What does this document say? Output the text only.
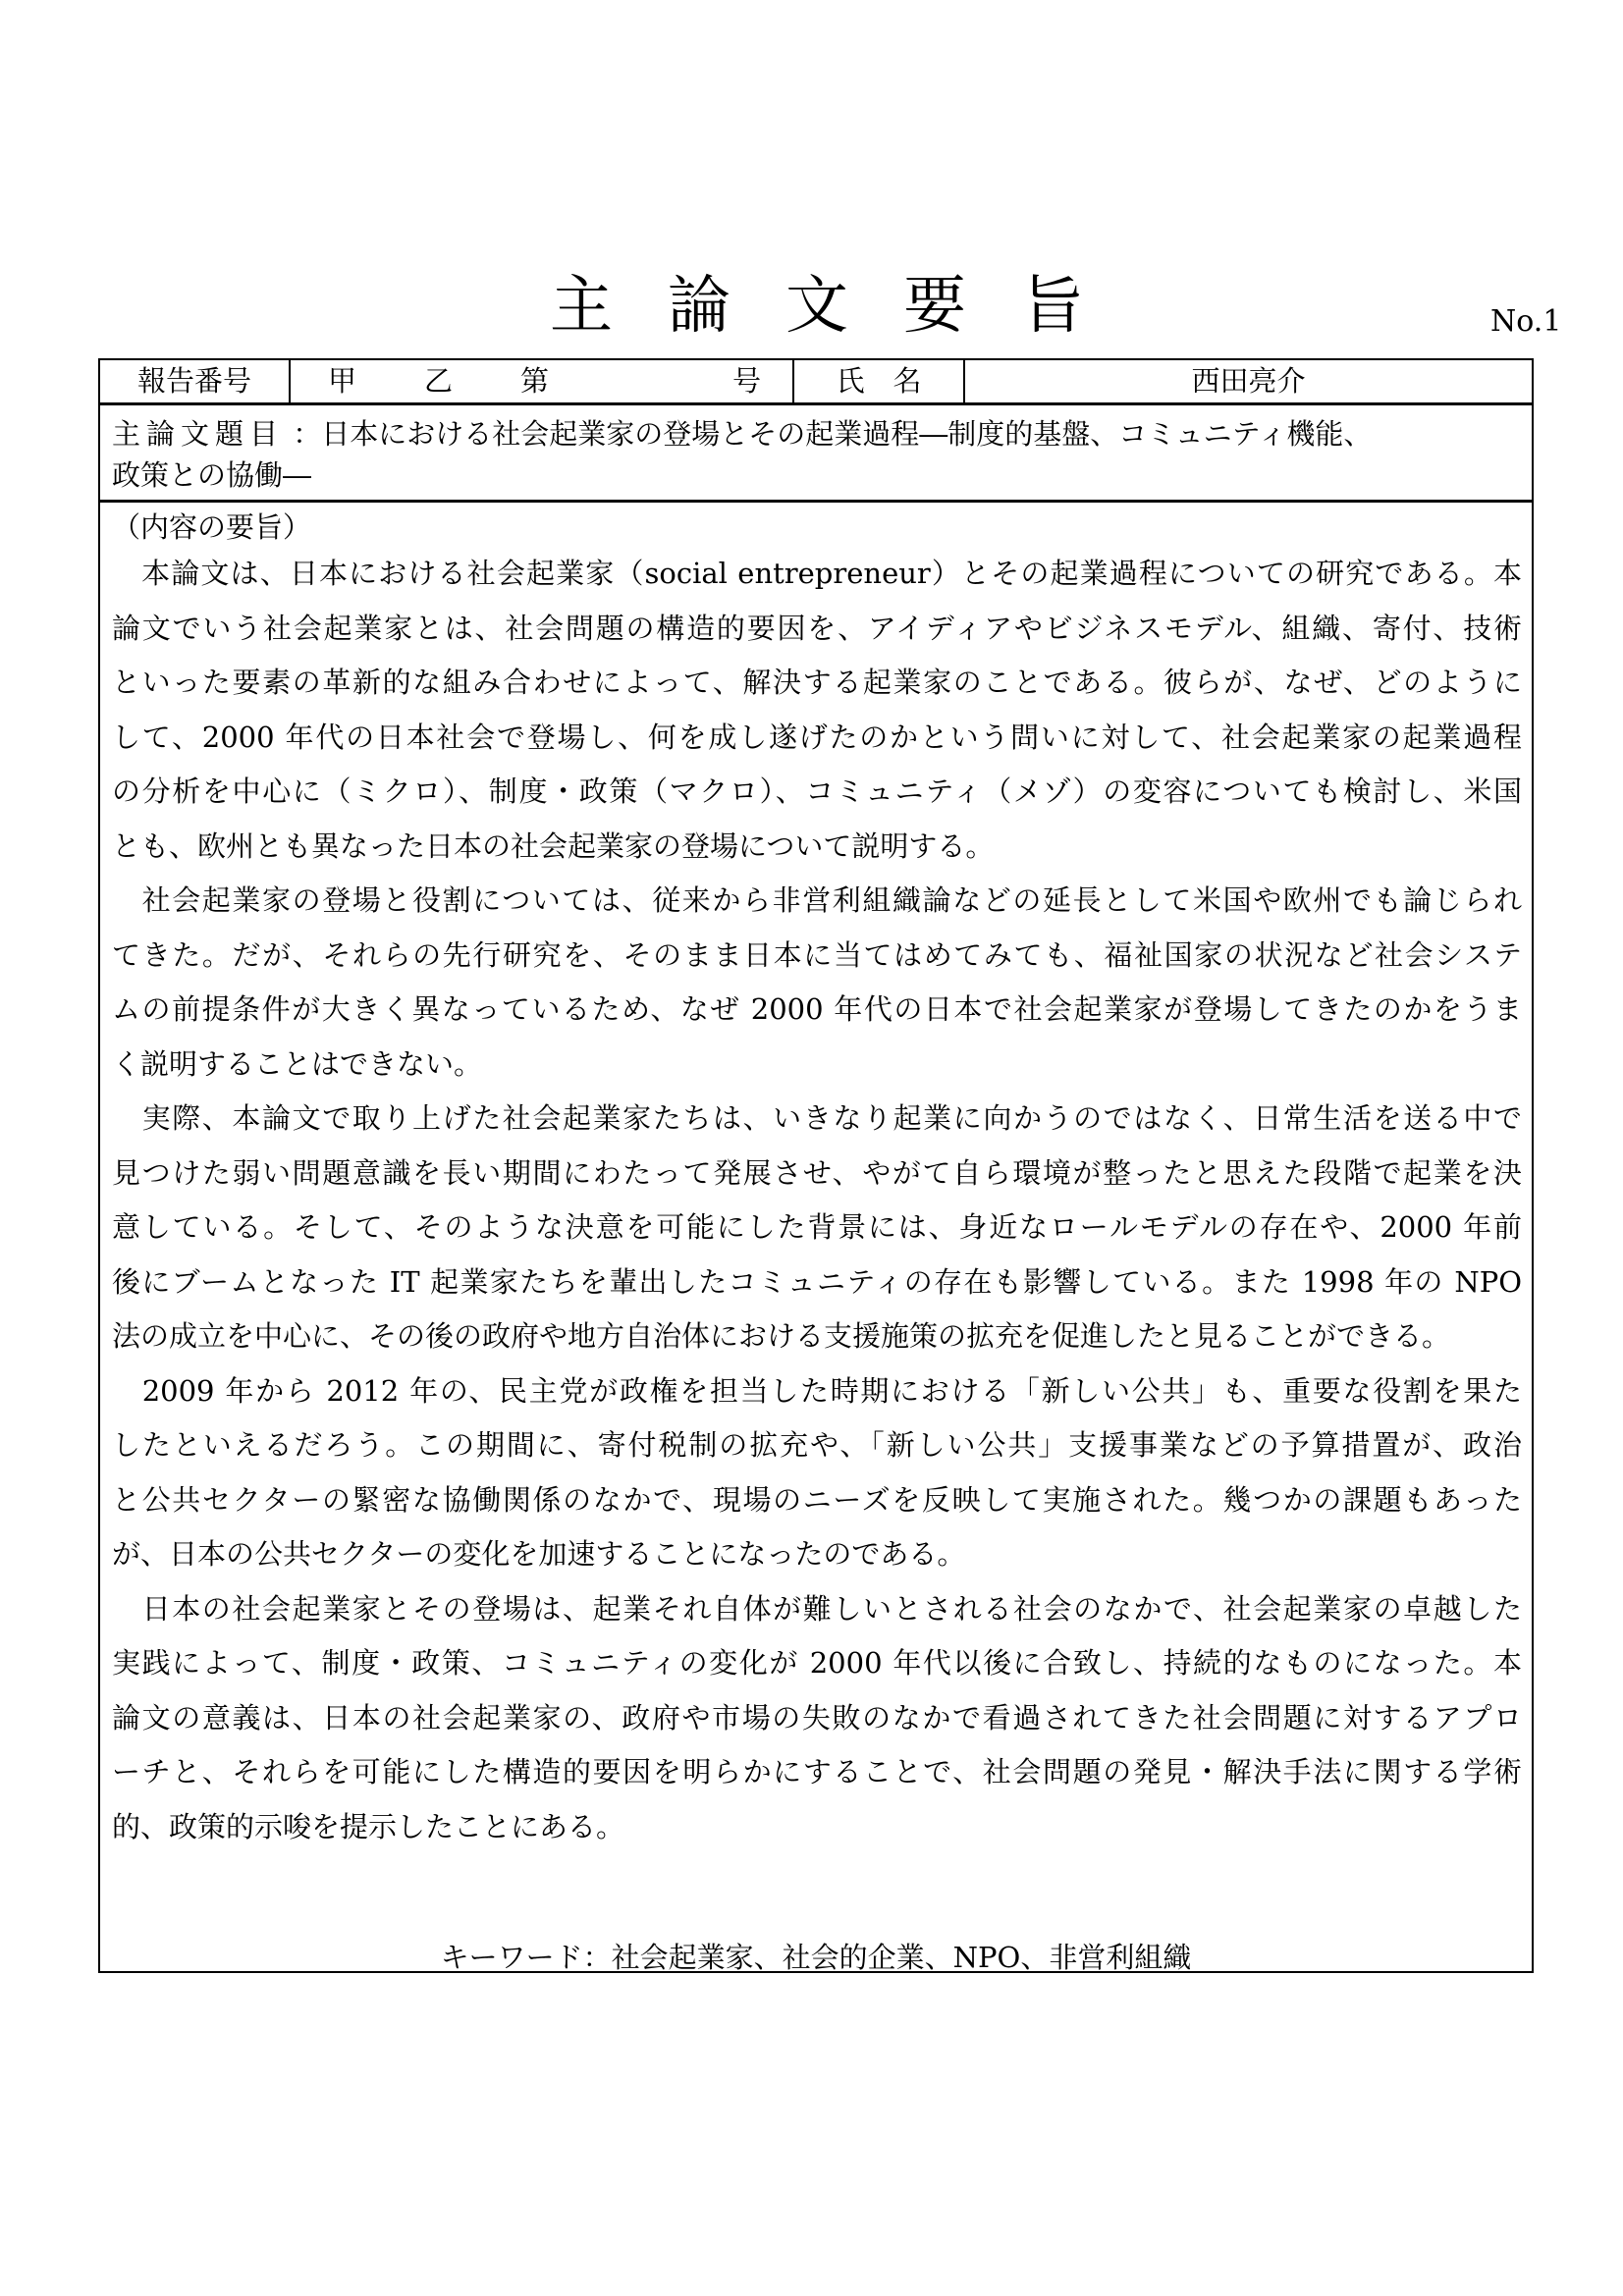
主論文要旨	No.1
報告番号	甲　乙　第	号	氏　名	西田亮介
主論文題目 ：日本における社会起業家の登場とその起業過程―制度的基盤、コミュニティ機能、
政策との協働―
（内容の要旨）
　本論文は、日本における社会起業家（social entrepreneur）とその起業過程についての研究である。本
論文でいう社会起業家とは、社会問題の構造的要因を、アイディアやビジネスモデル、組織、寄付、技術
といった要素の革新的な組み合わせによって、解決する起業家のことである。彼らが、なぜ、どのように
して、2000 年代の日本社会で登場し、何を成し遂げたのかという問いに対して、社会起業家の起業過程
の分析を中心に（ミクロ）、制度・政策（マクロ）、コミュニティ（メゾ）の変容についても検討し、米国
とも、欧州とも異なった日本の社会起業家の登場について説明する。
　社会起業家の登場と役割については、従来から非営利組織論などの延長として米国や欧州でも論じられ
てきた。だが、それらの先行研究を、そのまま日本に当てはめてみても、福祉国家の状況など社会システ
ムの前提条件が大きく異なっているため、なぜ 2000 年代の日本で社会起業家が登場してきたのかをうま
く説明することはできない。
　実際、本論文で取り上げた社会起業家たちは、いきなり起業に向かうのではなく、日常生活を送る中で
見つけた弱い問題意識を長い期間にわたって発展させ、やがて自ら環境が整ったと思えた段階で起業を決
意している。そして、そのような決意を可能にした背景には、身近なロールモデルの存在や、2000 年前
後にブームとなった IT 起業家たちを輩出したコミュニティの存在も影響している。また 1998 年の NPO
法の成立を中心に、その後の政府や地方自治体における支援施策の拡充を促進したと見ることができる。
　2009 年から 2012 年の、民主党が政権を担当した時期における「新しい公共」も、重要な役割を果た
したといえるだろう。この期間に、寄付税制の拡充や、「新しい公共」支援事業などの予算措置が、政治
と公共セクターの緊密な協働関係のなかで、現場のニーズを反映して実施された。幾つかの課題もあった
が、日本の公共セクターの変化を加速することになったのである。
　日本の社会起業家とその登場は、起業それ自体が難しいとされる社会のなかで、社会起業家の卓越した
実践によって、制度・政策、コミュニティの変化が 2000 年代以後に合致し、持続的なものになった。本
論文の意義は、日本の社会起業家の、政府や市場の失敗のなかで看過されてきた社会問題に対するアプロ
ーチと、それらを可能にした構造的要因を明らかにすることで、社会問題の発見・解決手法に関する学術
的、政策的示唆を提示したことにある。
キーワード：社会起業家、社会的企業、NPO、非営利組織
